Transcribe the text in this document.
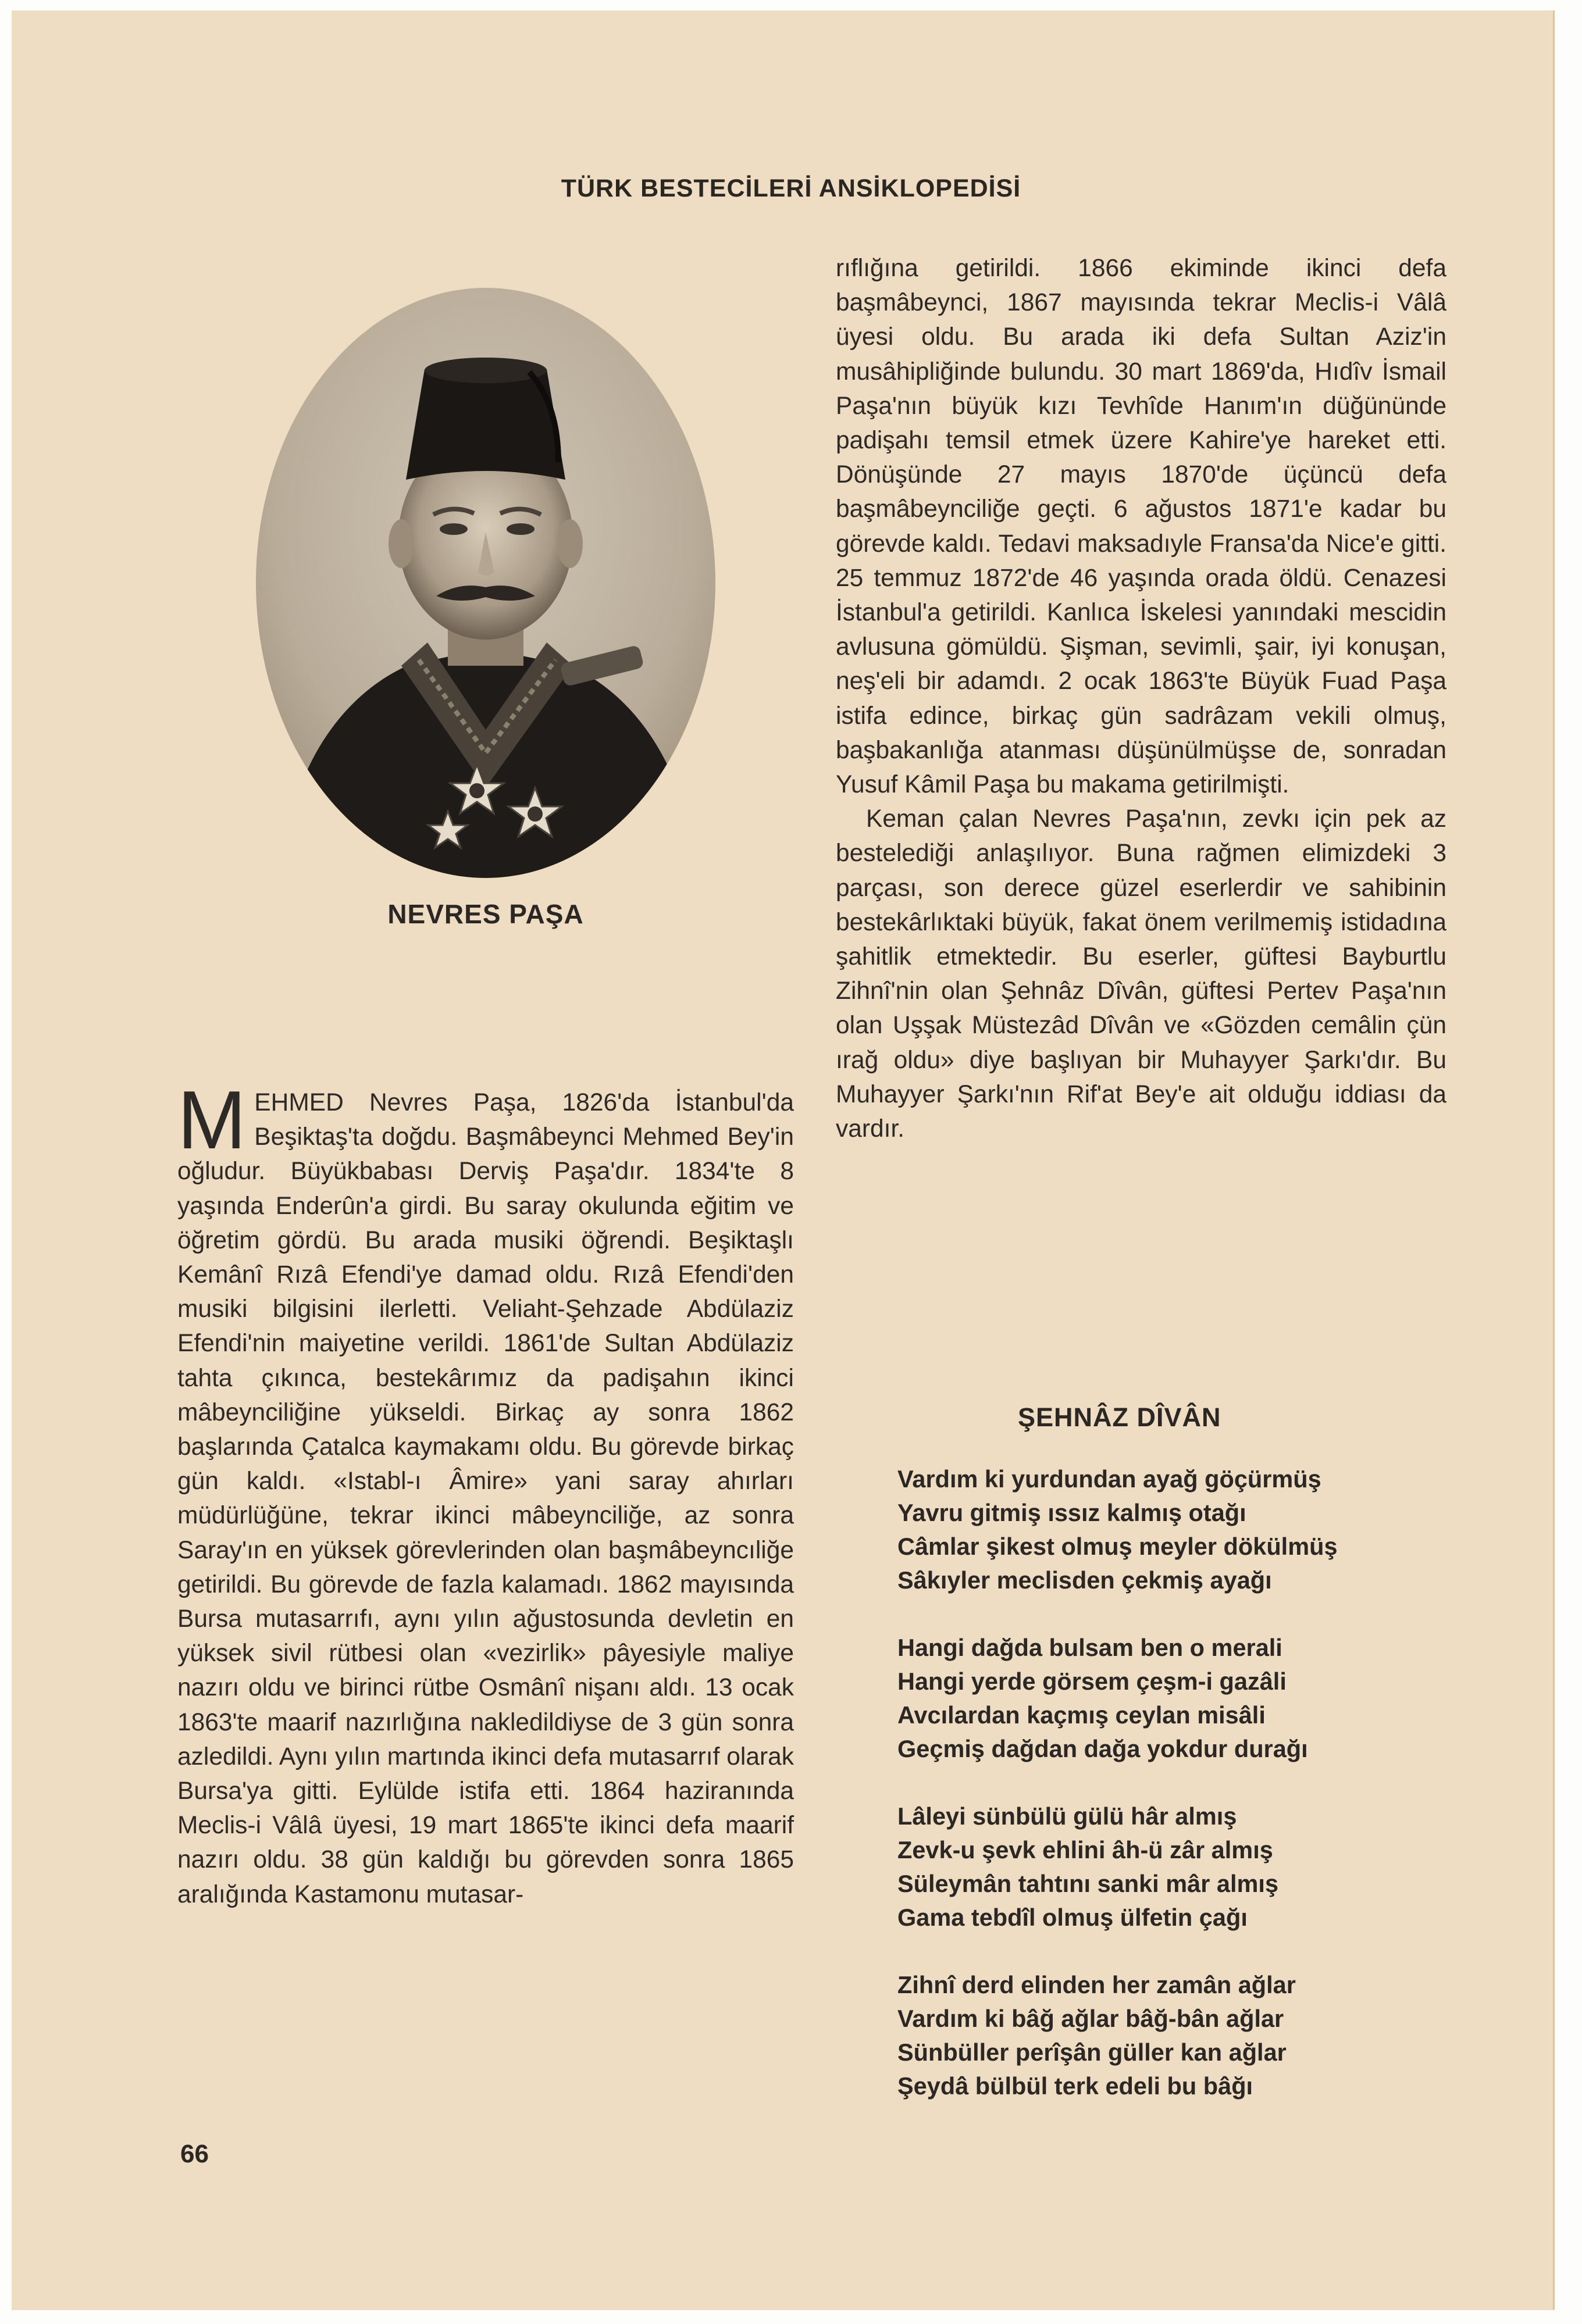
TÜRK BESTECİLERİ ANSİKLOPEDİSİ
NEVRES PAŞA

M EHMED Nevres Paşa, 1826'da İstanbul'da Beşiktaş'ta doğdu. Başmâbeynci Mehmed Bey'in oğludur. Büyükbabası Derviş Paşa'dır. 1834'te 8 yaşında Enderûn'a girdi. Bu saray okulunda eğitim ve öğretim gördü. Bu arada musiki öğrendi. Beşiktaşlı Kemânî Rızâ Efendi'ye damad oldu. Rızâ Efendi'den musiki bilgisini ilerletti. Veliaht-Şehzade Abdülaziz Efendi'nin maiyetine verildi. 1861'de Sultan Abdülaziz tahta çıkınca, bestekârımız da padişahın ikinci mâbeynciliğine yükseldi. Birkaç ay sonra 1862 başlarında Çatalca kaymakamı oldu. Bu görevde birkaç gün kaldı. «Istabl-ı Âmire» yani saray ahırları müdürlüğüne, tekrar ikinci mâbeynciliğe, az sonra Saray'ın en yüksek görevlerinden olan başmâbeyncıliğe getirildi. Bu görevde de fazla kalamadı. 1862 mayısında Bursa mutasarrıfı, aynı yılın ağustosunda devletin en yüksek sivil rütbesi olan «vezirlik» pâyesiyle maliye nazırı oldu ve birinci rütbe Osmânî nişanı aldı. 13 ocak 1863'te maarif nazırlığına nakledildiyse de 3 gün sonra azledildi. Aynı yılın martında ikinci defa mutasarrıf olarak Bursa'ya gitti. Eylülde istifa etti. 1864 haziranında Meclis-i Vâlâ üyesi, 19 mart 1865'te ikinci defa maarif nazırı oldu. 38 gün kaldığı bu görevden sonra 1865 aralığında Kastamonu mutasar-

rıflığına getirildi. 1866 ekiminde ikinci defa başmâbeynci, 1867 mayısında tekrar Meclis-i Vâlâ üyesi oldu. Bu arada iki defa Sultan Aziz'in musâhipliğinde bulundu. 30 mart 1869'da, Hıdîv İsmail Paşa'nın büyük kızı Tevhîde Hanım'ın düğününde padişahı temsil etmek üzere Kahire'ye hareket etti. Dönüşünde 27 mayıs 1870'de üçüncü defa başmâbeynciliğe geçti. 6 ağustos 1871'e kadar bu görevde kaldı. Tedavi maksadıyle Fransa'da Nice'e gitti. 25 temmuz 1872'de 46 yaşında orada öldü. Cenazesi İstanbul'a getirildi. Kanlıca İskelesi yanındaki mescidin avlusuna gömüldü. Şişman, sevimli, şair, iyi konuşan, neş'eli bir adamdı. 2 ocak 1863'te Büyük Fuad Paşa istifa edince, birkaç gün sadrâzam vekili olmuş, başbakanlığa atanması düşünülmüşse de, sonradan Yusuf Kâmil Paşa bu makama getirilmişti.

Keman çalan Nevres Paşa'nın, zevkı için pek az bestelediği anlaşılıyor. Buna rağmen elimizdeki 3 parçası, son derece güzel eserlerdir ve sahibinin bestekârlıktaki büyük, fakat önem verilmemiş istidadına şahitlik etmektedir. Bu eserler, güftesi Bayburtlu Zihnî'nin olan Şehnâz Dîvân, güftesi Pertev Paşa'nın olan Uşşak Müstezâd Dîvân ve «Gözden cemâlin çün ırağ oldu» diye başlıyan bir Muhayyer Şarkı'dır. Bu Muhayyer Şarkı'nın Rif'at Bey'e ait olduğu iddiası da vardır.

ŞEHNÂZ DÎVÂN
Vardım ki yurdundan ayağ göçürmüş
Yavru gitmiş ıssız kalmış otağı
Câmlar şikest olmuş meyler dökülmüş
Sâkıyler meclisden çekmiş ayağı
Hangi dağda bulsam ben o merali
Hangi yerde görsem çeşm-i gazâli
Avcılardan kaçmış ceylan misâli
Geçmiş dağdan dağa yokdur durağı
Lâleyi sünbülü gülü hâr almış
Zevk-u şevk ehlini âh-ü zâr almış
Süleymân tahtını sanki mâr almış
Gama tebdîl olmuş ülfetin çağı
Zihnî derd elinden her zamân ağlar
Vardım ki bâğ ağlar bâğ-bân ağlar
Sünbüller perîşân güller kan ağlar
Şeydâ bülbül terk edeli bu bâğı
66
